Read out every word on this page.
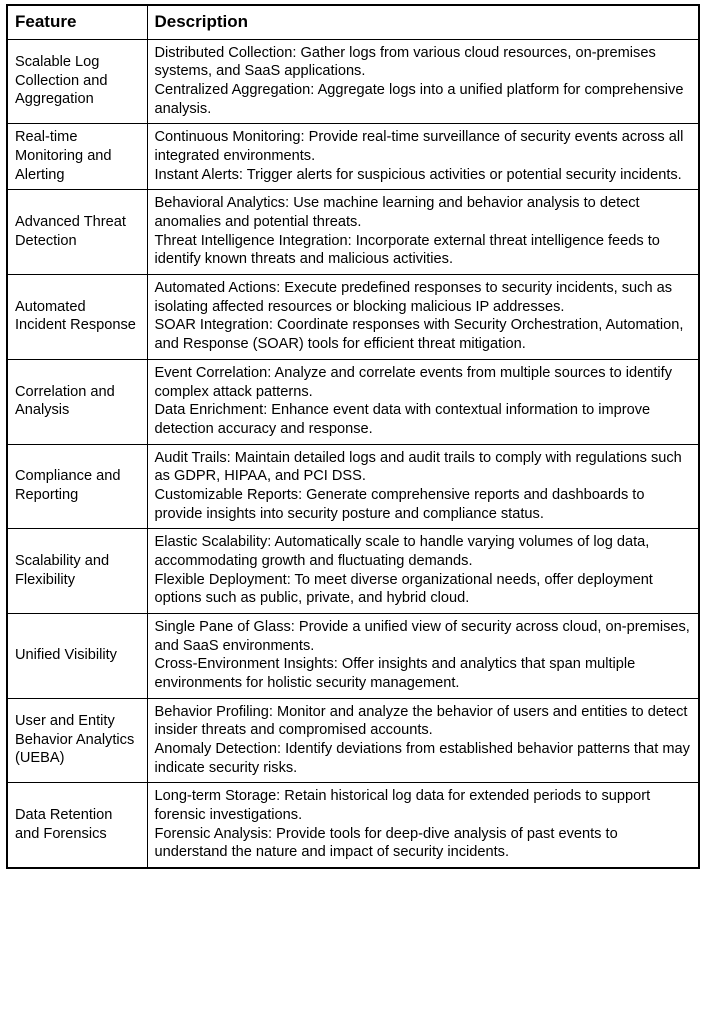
Feature	Description
Scalable Log Collection and Aggregation	Distributed Collection: Gather logs from various cloud resources, on-premises systems, and SaaS applications.
Centralized Aggregation: Aggregate logs into a unified platform for comprehensive analysis.

Real-time Monitoring and Alerting	Continuous Monitoring: Provide real-time surveillance of security events across all integrated environments.
Instant Alerts: Trigger alerts for suspicious activities or potential security incidents.

Advanced Threat Detection	Behavioral Analytics: Use machine learning and behavior analysis to detect anomalies and potential threats.
Threat Intelligence Integration: Incorporate external threat intelligence feeds to identify known threats and malicious activities.

Automated Incident Response	Automated Actions: Execute predefined responses to security incidents, such as isolating affected resources or blocking malicious IP addresses.
SOAR Integration: Coordinate responses with Security Orchestration, Automation, and Response (SOAR) tools for efficient threat mitigation.

Correlation and Analysis	Event Correlation: Analyze and correlate events from multiple sources to identify complex attack patterns.
Data Enrichment: Enhance event data with contextual information to improve detection accuracy and response.

Compliance and Reporting	Audit Trails: Maintain detailed logs and audit trails to comply with regulations such as GDPR, HIPAA, and PCI DSS.
Customizable Reports: Generate comprehensive reports and dashboards to provide insights into security posture and compliance status.

Scalability and Flexibility	Elastic Scalability: Automatically scale to handle varying volumes of log data, accommodating growth and fluctuating demands.
Flexible Deployment: To meet diverse organizational needs, offer deployment options such as public, private, and hybrid cloud.

Unified Visibility	Single Pane of Glass: Provide a unified view of security across cloud, on-premises, and SaaS environments.
Cross-Environment Insights: Offer insights and analytics that span multiple environments for holistic security management.

User and Entity Behavior Analytics (UEBA)	Behavior Profiling: Monitor and analyze the behavior of users and entities to detect insider threats and compromised accounts.
Anomaly Detection: Identify deviations from established behavior patterns that may indicate security risks.

Data Retention and Forensics	Long-term Storage: Retain historical log data for extended periods to support forensic investigations.
Forensic Analysis: Provide tools for deep-dive analysis of past events to understand the nature and impact of security incidents.
